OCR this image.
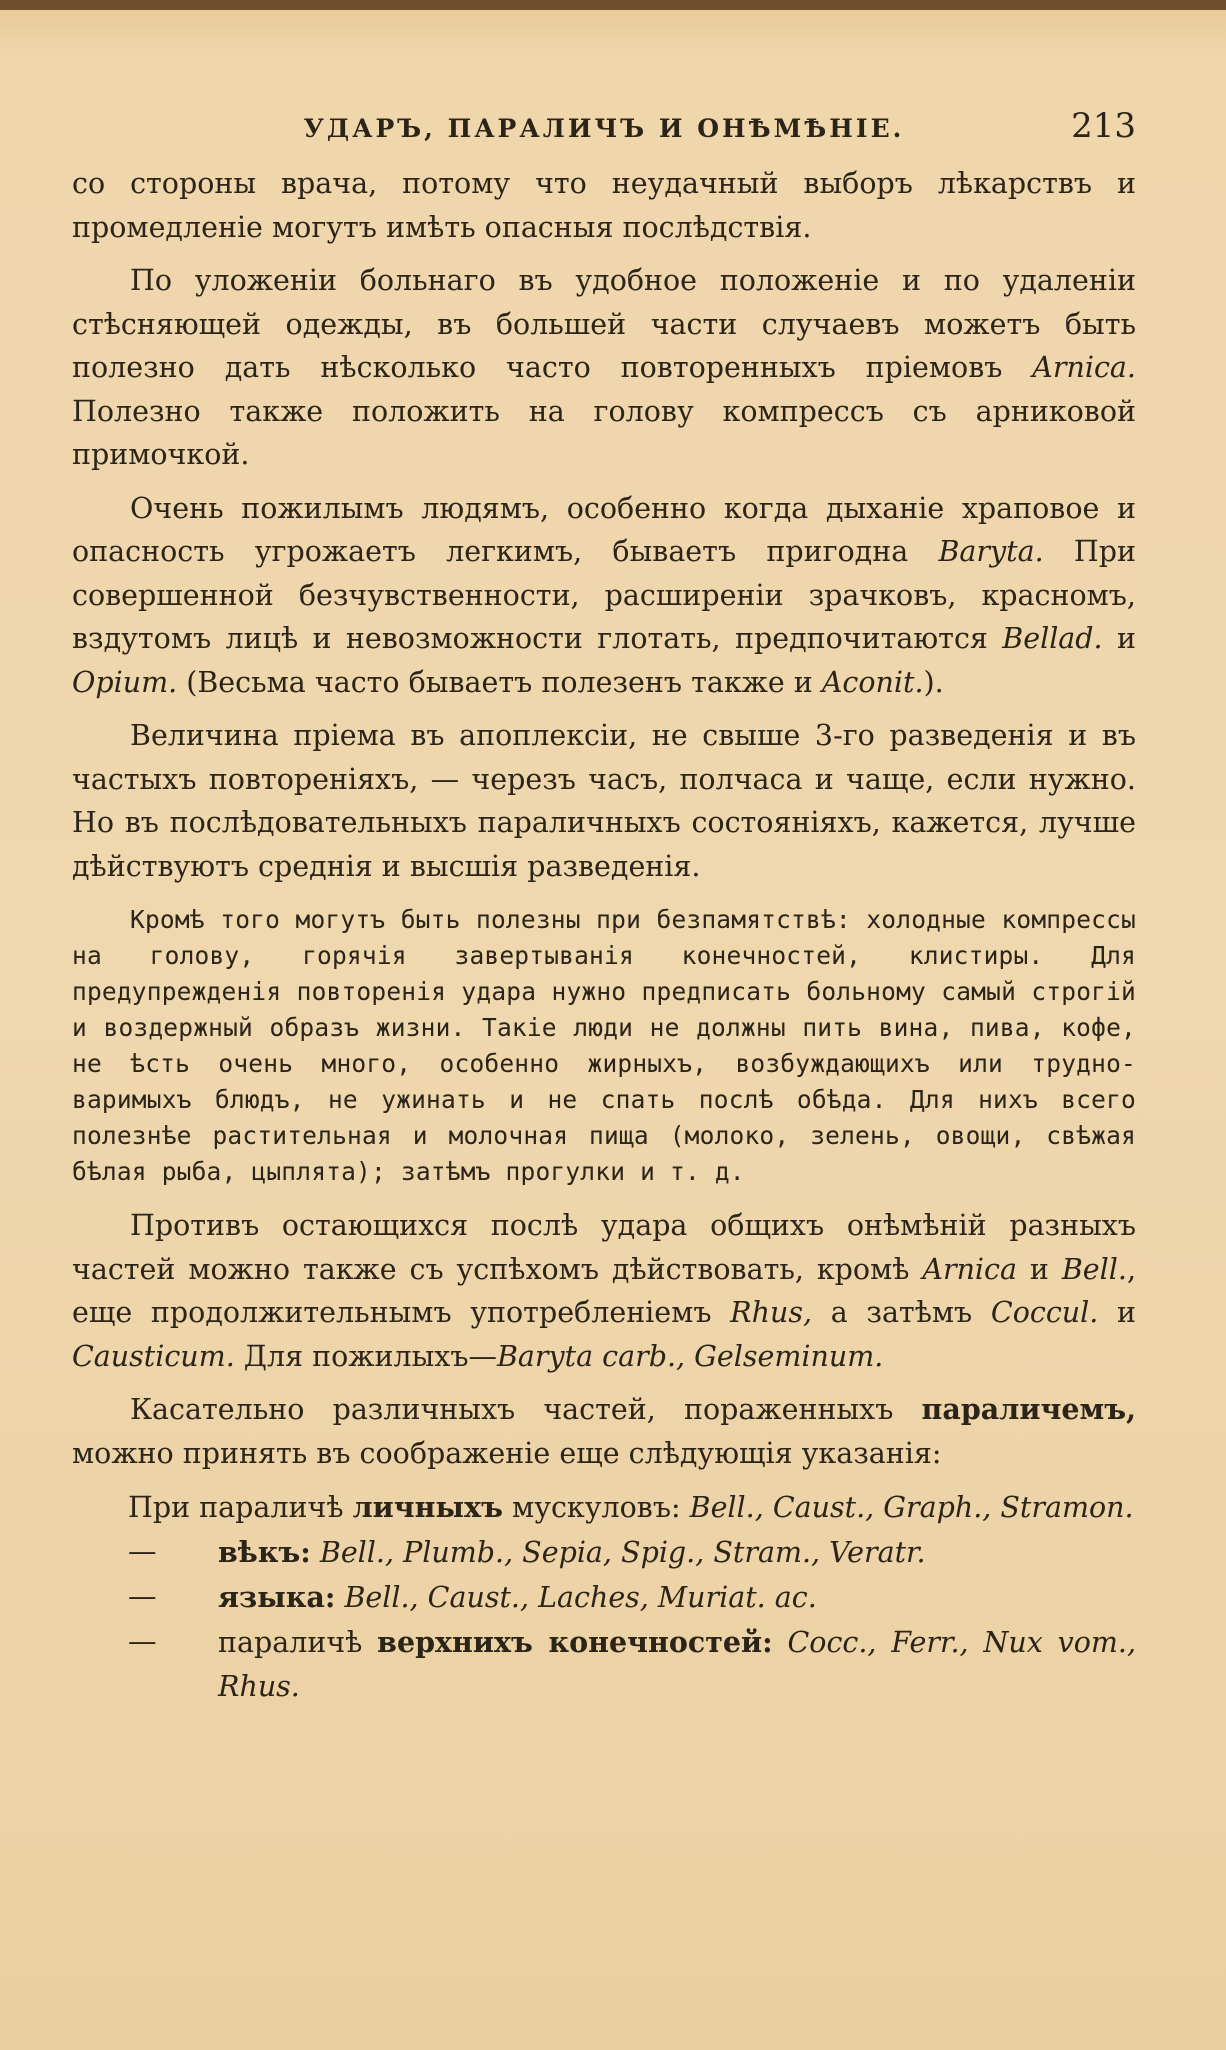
УДАРЪ, ПАРАЛИЧЪ И ОНѢМѢНІЕ.	213

со стороны врача, потому что неудачный выборъ лѣкарствъ и промедленіе могутъ имѣть опасныя послѣдствія.

По уложеніи больнаго въ удобное положеніе и по удаленіи стѣсняющей одежды, въ большей части случаевъ можетъ быть полезно дать нѣсколько часто повторенныхъ пріемовъ Arnica. Полезно также положить на голову компрессъ съ арниковой примочкой.

Очень пожилымъ людямъ, особенно когда дыханіе храповое и опасность угрожаетъ легкимъ, бываетъ пригодна Baryta. При совершенной безчувственности, расширеніи зрачковъ, красномъ, вздутомъ лицѣ и невозможности глотать, предпочитаются Bellad. и Opium. (Весьма часто бываетъ полезенъ также и Aconit.).

Величина пріема въ апоплексіи, не свыше 3-го разведенія и въ частыхъ повтореніяхъ, — черезъ часъ, полчаса и чаще, если нужно. Но въ послѣдовательныхъ параличныхъ состояніяхъ, кажется, лучше дѣйствуютъ среднія и высшія разведенія.

Кромѣ того могутъ быть полезны при безпамятствѣ: холодные компрессы на голову, горячія завертыванія конечностей, клистиры. Для предупрежденія повторенія удара нужно предписать больному самый строгій и воздержный образъ жизни. Такіе люди не должны пить вина, пива, кофе, не ѣсть очень много, особенно жирныхъ, возбуждающихъ или трудно-варимыхъ блюдъ, не ужинать и не спать послѣ обѣда. Для нихъ всего полезнѣе растительная и молочная пища (молоко, зелень, овощи, свѣжая бѣлая рыба, цыплята); затѣмъ прогулки и т. д.

Противъ остающихся послѣ удара общихъ онѣмѣній разныхъ частей можно также съ успѣхомъ дѣйствовать, кромѣ Arnica и Bell., еще продолжительнымъ употребленіемъ Rhus, а затѣмъ Coccul. и Causticum. Для пожилыхъ—Baryta carb., Gelseminum.

Касательно различныхъ частей, пораженныхъ параличемъ, можно принять въ соображеніе еще слѣдующія указанія:

При параличѣ личныхъ мускуловъ: Bell., Caust., Graph., Stramon.
— вѣкъ: Bell., Plumb., Sepia, Spig., Stram., Veratr.
— языка: Bell., Caust., Laches, Muriat. ac.
— параличѣ верхнихъ конечностей: Cocc., Ferr., Nux vom., Rhus.
